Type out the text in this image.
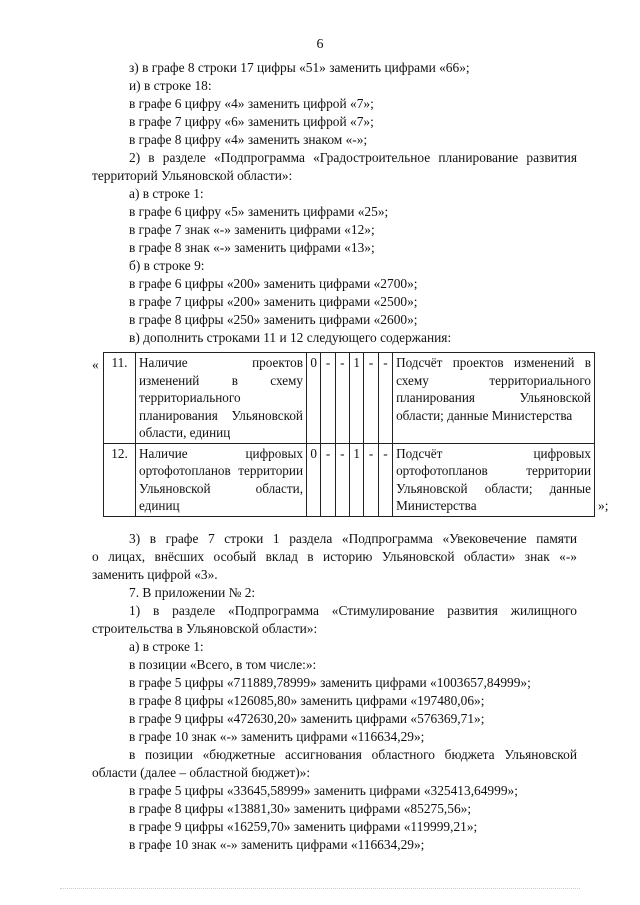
6
з) в графе 8 строки 17 цифры «51» заменить цифрами «66»;
и) в строке 18:
в графе 6 цифру «4» заменить цифрой «7»;
в графе 7 цифру «6» заменить цифрой «7»;
в графе 8 цифру «4» заменить знаком «-»;
2) в разделе «Подпрограмма «Градостроительное планирование развития
территорий Ульяновской области»:
а) в строке 1:
в графе 6 цифру «5» заменить цифрами «25»;
в графе 7 знак «-» заменить цифрами «12»;
в графе 8 знак «-» заменить цифрами «13»;
б) в строке 9:
в графе 6 цифры «200» заменить цифрами «2700»;
в графе 7 цифры «200» заменить цифрами «2500»;
в графе 8 цифры «250» заменить цифрами «2600»;
в) дополнить строками 11 и 12 следующего содержания:
« 11.	Наличие проектов изменений в схему территориального планирования Ульяновской области, единиц	0	-	-	1	-	-	Подсчёт проектов изменений в схему территориального планирования Ульяновской области; данные Министерства
12.	Наличие цифровых ортофотопланов территории Ульяновской области, единиц	0	-	-	1	-	-	Подсчёт цифровых ортофотопланов территории Ульяновской области; данные Министерства	»;
3) в графе 7 строки 1 раздела «Подпрограмма «Увековечение памяти
о лицах, внёсших особый вклад в историю Ульяновской области» знак «-»
заменить цифрой «3».
7. В приложении № 2:
1) в разделе «Подпрограмма «Стимулирование развития жилищного
строительства в Ульяновской области»:
а) в строке 1:
в позиции «Всего, в том числе:»:
в графе 5 цифры «711889,78999» заменить цифрами «1003657,84999»;
в графе 8 цифры «126085,80» заменить цифрами «197480,06»;
в графе 9 цифры «472630,20» заменить цифрами «576369,71»;
в графе 10 знак «-» заменить цифрами «116634,29»;
в позиции «бюджетные ассигнования областного бюджета Ульяновской
области (далее – областной бюджет)»:
в графе 5 цифры «33645,58999» заменить цифрами «325413,64999»;
в графе 8 цифры «13881,30» заменить цифрами «85275,56»;
в графе 9 цифры «16259,70» заменить цифрами «119999,21»;
в графе 10 знак «-» заменить цифрами «116634,29»;
